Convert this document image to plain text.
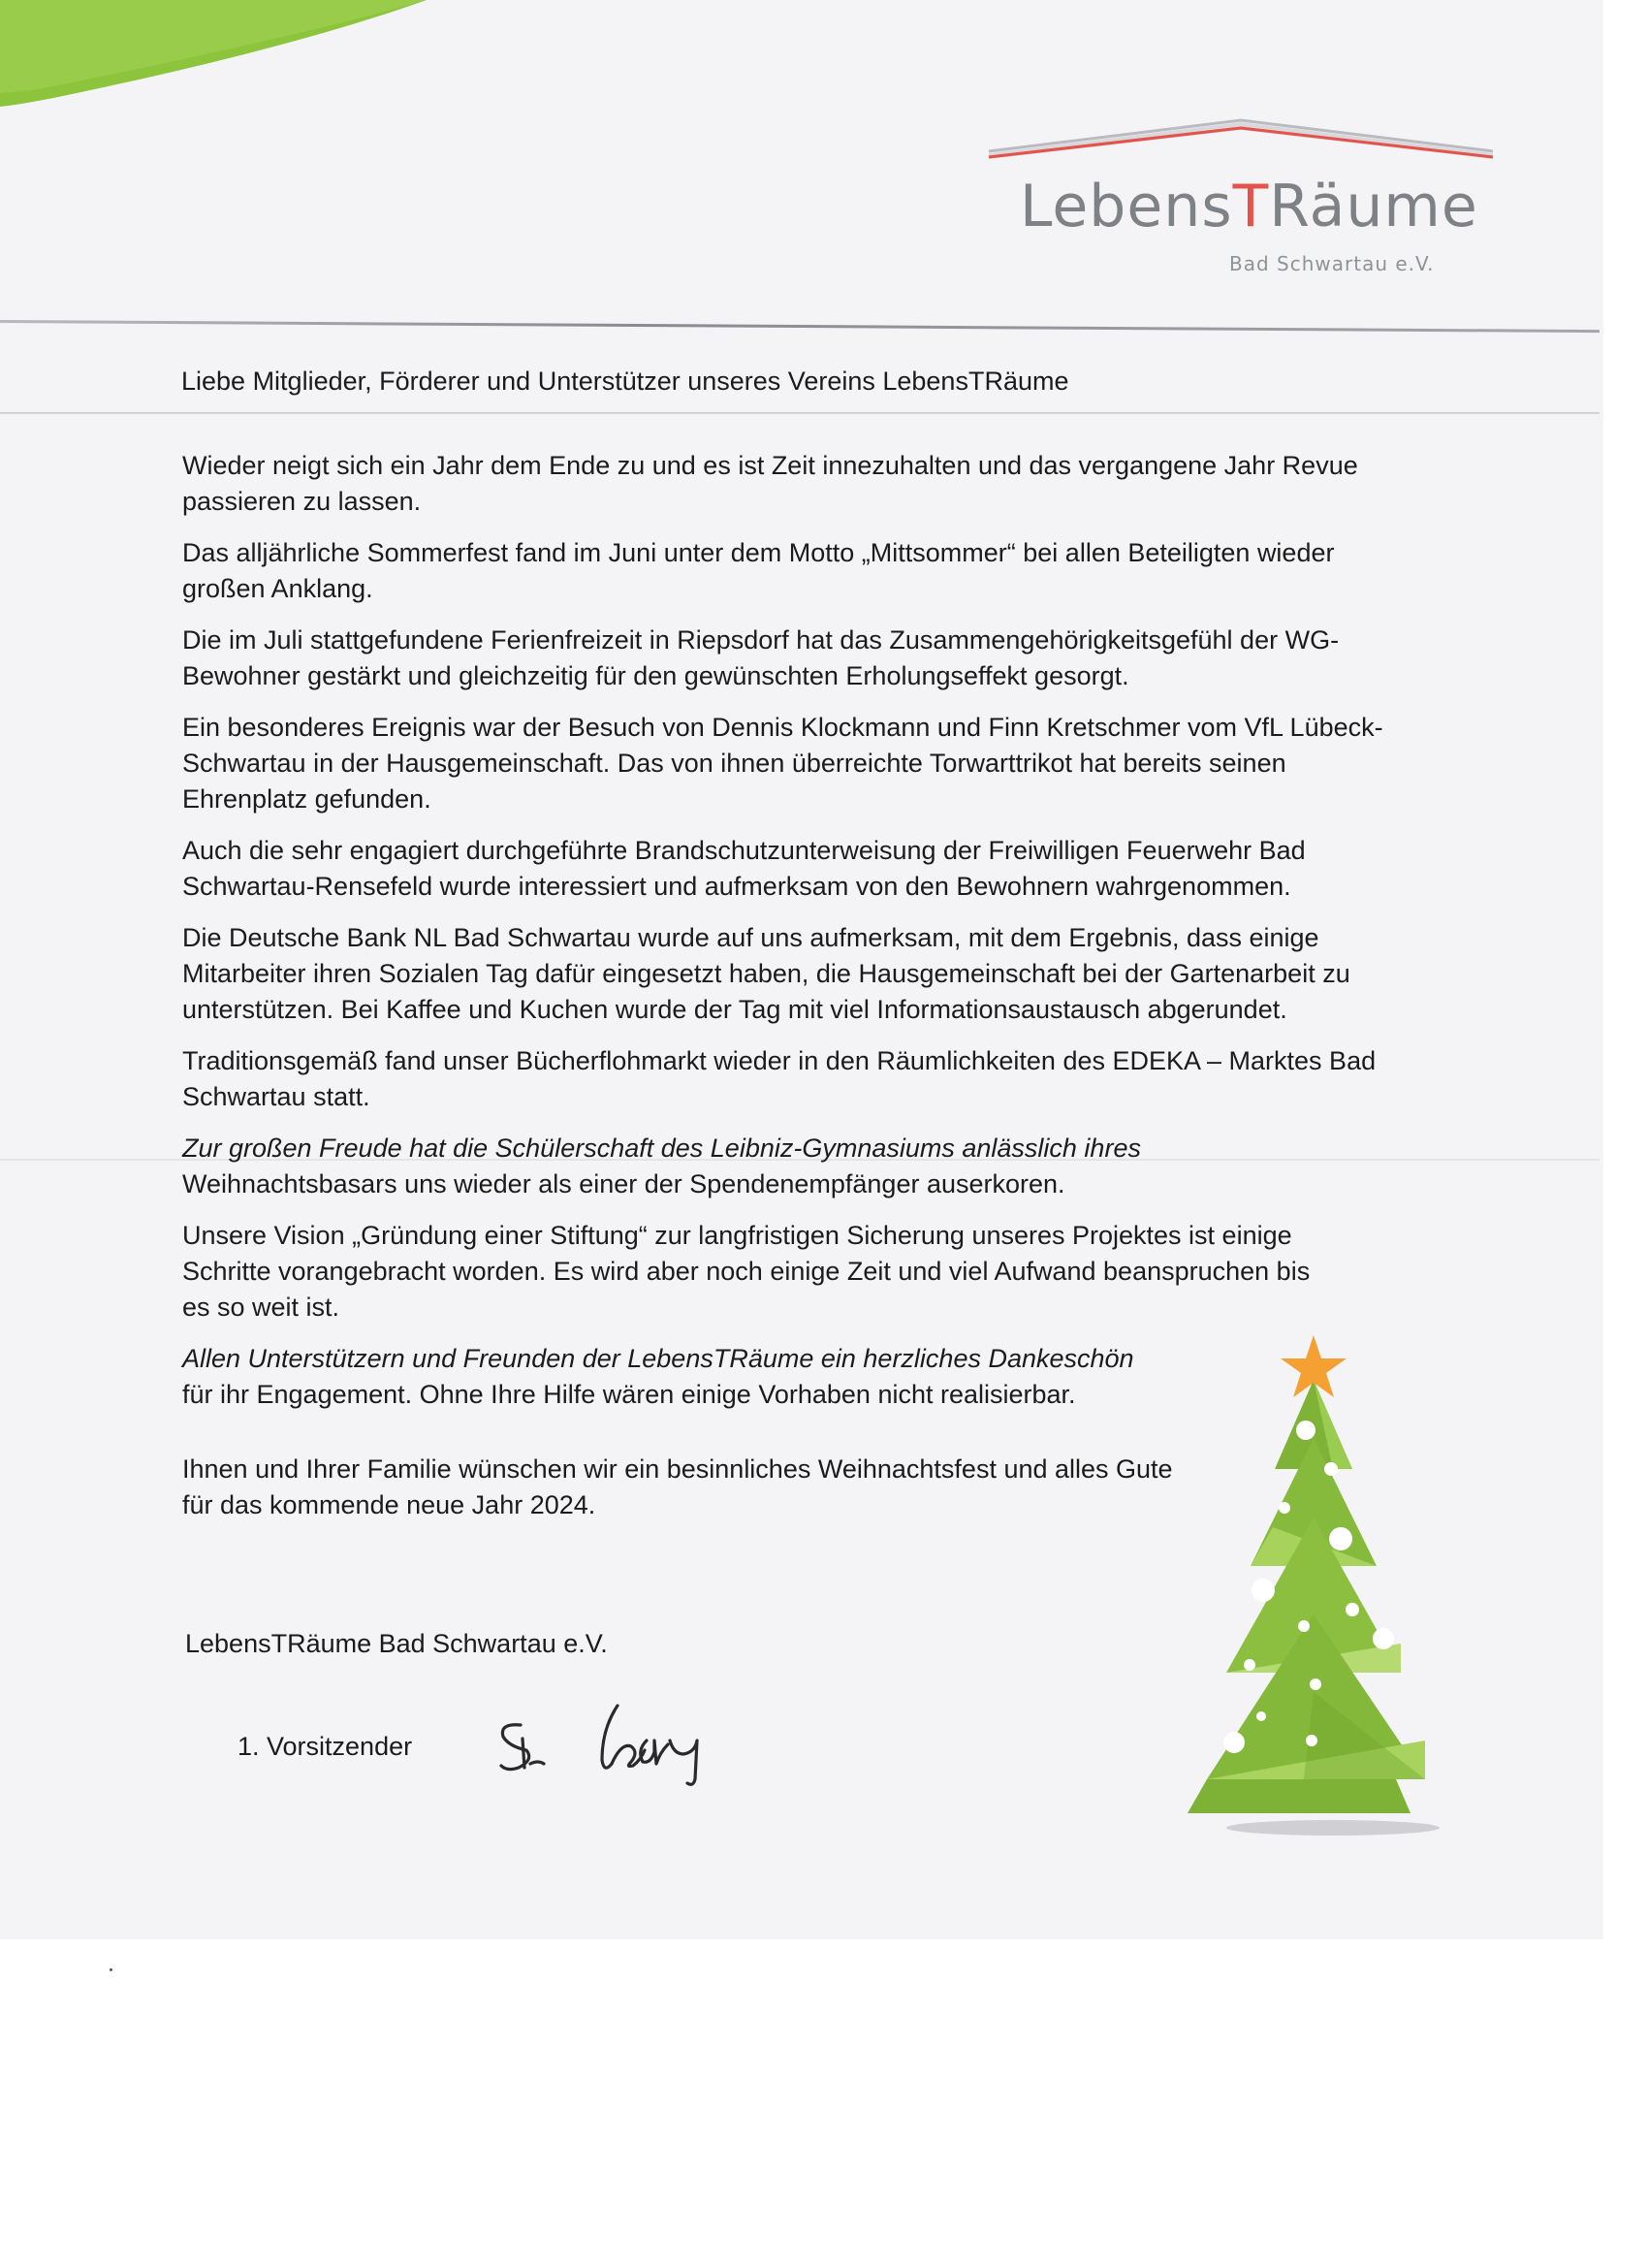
LebensTRäume
Bad Schwartau e.V.
Liebe Mitglieder, Förderer und Unterstützer unseres Vereins LebensTRäume

Wieder neigt sich ein Jahr dem Ende zu und es ist Zeit innezuhalten und das vergangene Jahr Revue passieren zu lassen.

Das alljährliche Sommerfest fand im Juni unter dem Motto „Mittsommer“ bei allen Beteiligten wieder großen Anklang.

Die im Juli stattgefundene Ferienfreizeit in Riepsdorf hat das Zusammengehörigkeitsgefühl der WG-Bewohner gestärkt und gleichzeitig für den gewünschten Erholungseffekt gesorgt.

Ein besonderes Ereignis war der Besuch von Dennis Klockmann und Finn Kretschmer vom VfL Lübeck-Schwartau in der Hausgemeinschaft. Das von ihnen überreichte Torwarttrikot hat bereits seinen Ehrenplatz gefunden.

Auch die sehr engagiert durchgeführte Brandschutzunterweisung der Freiwilligen Feuerwehr Bad Schwartau-Rensefeld wurde interessiert und aufmerksam von den Bewohnern wahrgenommen.

Die Deutsche Bank NL Bad Schwartau wurde auf uns aufmerksam, mit dem Ergebnis, dass einige Mitarbeiter ihren Sozialen Tag dafür eingesetzt haben, die Hausgemeinschaft bei der Gartenarbeit zu unterstützen. Bei Kaffee und Kuchen wurde der Tag mit viel Informationsaustausch abgerundet.

Traditionsgemäß fand unser Bücherflohmarkt wieder in den Räumlichkeiten des EDEKA – Marktes Bad Schwartau statt.

Zur großen Freude hat die Schülerschaft des Leibniz-Gymnasiums anlässlich ihres
Weihnachtsbasars uns wieder als einer der Spendenempfänger auserkoren.

Unsere Vision „Gründung einer Stiftung“ zur langfristigen Sicherung unseres Projektes ist einige Schritte vorangebracht worden. Es wird aber noch einige Zeit und viel Aufwand beanspruchen bis es so weit ist.

Allen Unterstützern und Freunden der LebensTRäume ein herzliches Dankeschön
für ihr Engagement. Ohne Ihre Hilfe wären einige Vorhaben nicht realisierbar.

Ihnen und Ihrer Familie wünschen wir ein besinnliches Weihnachtsfest und alles Gute für das kommende neue Jahr 2024.

LebensTRäume Bad Schwartau e.V.
1. Vorsitzender
